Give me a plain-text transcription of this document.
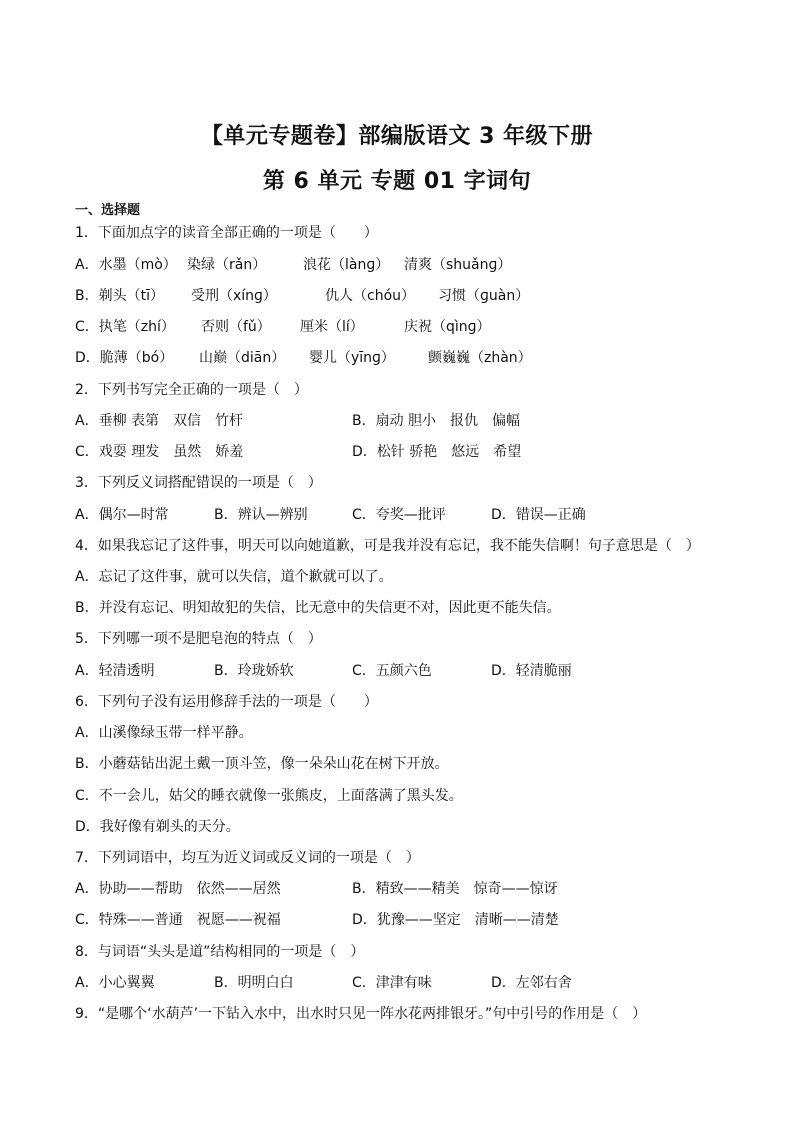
【单元专题卷】部编版语文 3 年级下册
第 6 单元 专题 01 字词句
一、选择题
1．下面加点字的读音全部正确的一项是（　　）
A．水墨（mò） 染绿（rǎn）	浪花（lànɡ） 清爽（shuǎnɡ）
B．剃头（tī） 受刑（xínɡ）	仇人（chóu） 习惯（ɡuàn）
C．执笔（zhí） 否则（fǔ） 厘米（lí）	庆祝（qìnɡ）
D．脆薄（bó） 山巅（diān） 婴儿（yīnɡ） 颤巍巍（zhàn）
2．下列书写完全正确的一项是（　）
A．垂柳 表第　双信　竹杆	B．扇动 胆小　报仇　偏幅
C．戏耍 理发　虽然　娇羞	D．松针 骄艳　悠远　希望
3．下列反义词搭配错误的一项是（　）
A．偶尔—时常	B．辨认—辨别	C．夸奖—批评	D．错误—正确
4．如果我忘记了这件事，明天可以向她道歉，可是我并没有忘记，我不能失信啊！句子意思是（　）
A．忘记了这件事，就可以失信，道个歉就可以了。
B．并没有忘记、明知故犯的失信，比无意中的失信更不对，因此更不能失信。
5．下列哪一项不是肥皂泡的特点（　）
A．轻清透明	B．玲珑娇软	C．五颜六色	D．轻清脆丽
6．下列句子没有运用修辞手法的一项是（　　）
A．山溪像绿玉带一样平静。
B．小蘑菇钻出泥土戴一顶斗笠，像一朵朵山花在树下开放。
C．不一会儿，姑父的睡衣就像一张熊皮，上面落满了黑头发。
D．我好像有剃头的天分。
7．下列词语中，均互为近义词或反义词的一项是（　）
A．协助——帮助　依然——居然	B．精致——精美　惊奇——惊讶
C．特殊——普通　祝愿——祝福	D．犹豫——坚定　清晰——清楚
8．与词语“头头是道”结构相同的一项是（　）
A．小心翼翼	B．明明白白	C．津津有味	D．左邻右舍
9．“是哪个‘水葫芦’一下钻入水中，出水时只见一阵水花两排银牙。”句中引号的作用是（　）
